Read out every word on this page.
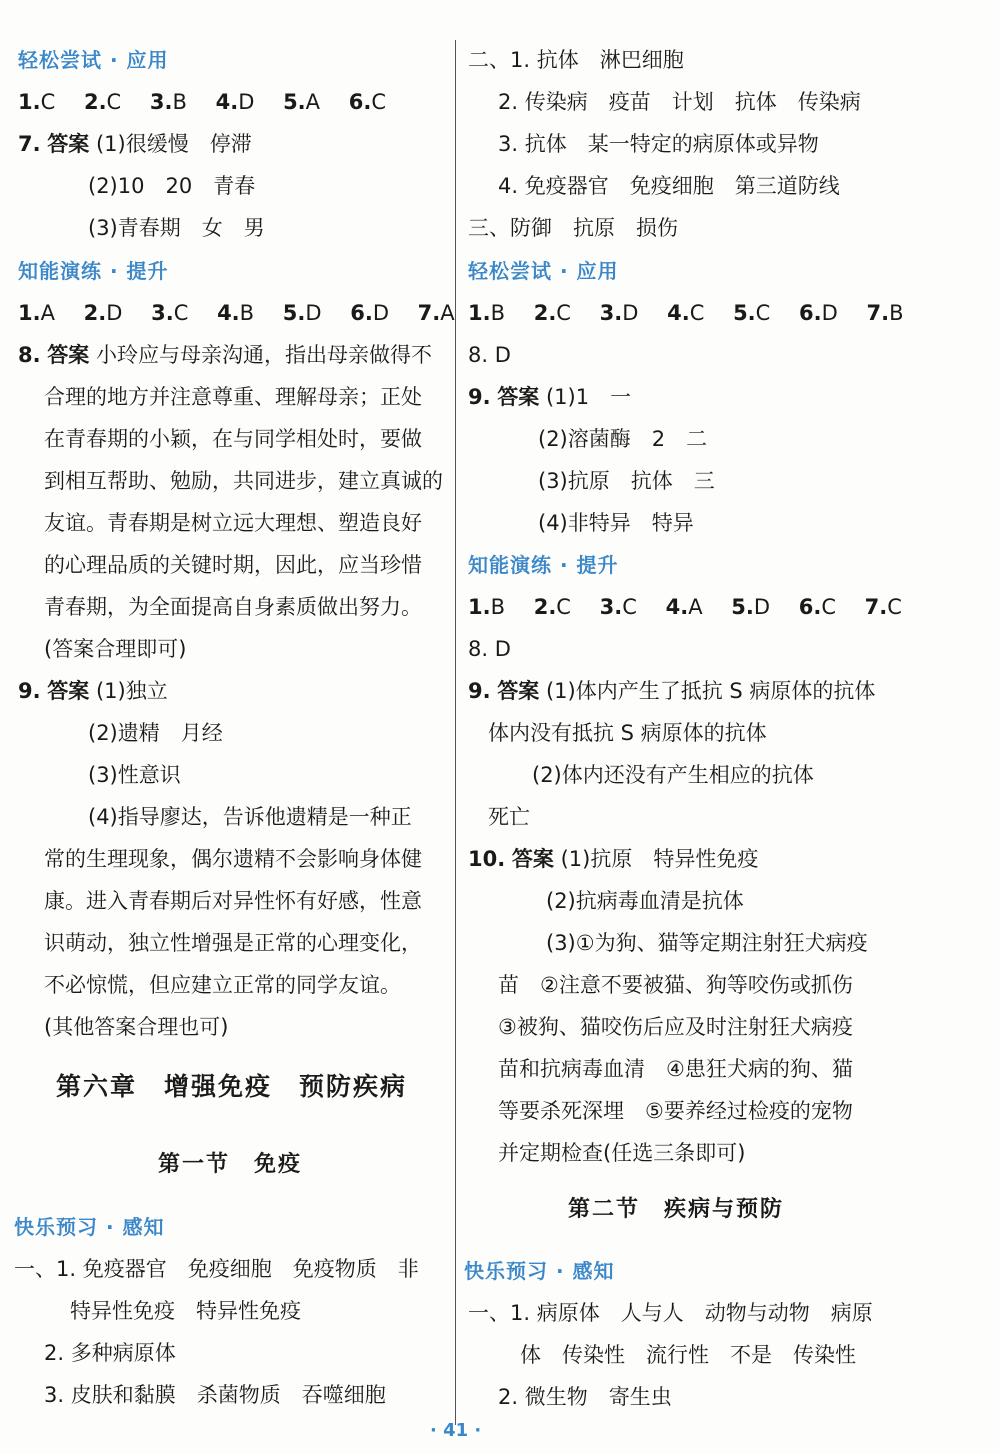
轻松尝试 · 应用
1.C 2.C 3.B 4.D 5.A 6.C
7. 答案 (1)很缓慢　停滞
(2)10　20　青春
(3)青春期　女　男
知能演练 · 提升
1.A 2.D 3.C 4.B 5.D 6.D 7.A
8. 答案 小玲应与母亲沟通，指出母亲做得不
合理的地方并注意尊重、理解母亲；正处
在青春期的小颖，在与同学相处时，要做
到相互帮助、勉励，共同进步，建立真诚的
友谊。青春期是树立远大理想、塑造良好
的心理品质的关键时期，因此，应当珍惜
青春期，为全面提高自身素质做出努力。
(答案合理即可)
9. 答案 (1)独立
(2)遗精　月经
(3)性意识
(4)指导廖达，告诉他遗精是一种正
常的生理现象，偶尔遗精不会影响身体健
康。进入青春期后对异性怀有好感，性意
识萌动，独立性增强是正常的心理变化，
不必惊慌，但应建立正常的同学友谊。
(其他答案合理也可)
第六章　增强免疫　预防疾病
第一节　免疫
快乐预习 · 感知
一、1. 免疫器官　免疫细胞　免疫物质　非
特异性免疫　特异性免疫
2. 多种病原体
3. 皮肤和黏膜　杀菌物质　吞噬细胞
二、1. 抗体　淋巴细胞
2. 传染病　疫苗　计划　抗体　传染病
3. 抗体　某一特定的病原体或异物
4. 免疫器官　免疫细胞　第三道防线
三、防御　抗原　损伤
轻松尝试 · 应用
1.B 2.C 3.D 4.C 5.C 6.D 7.B
8. D
9. 答案 (1)1　一
(2)溶菌酶　2　二
(3)抗原　抗体　三
(4)非特异　特异
知能演练 · 提升
1.B 2.C 3.C 4.A 5.D 6.C 7.C
8. D
9. 答案 (1)体内产生了抵抗 S 病原体的抗体
体内没有抵抗 S 病原体的抗体
(2)体内还没有产生相应的抗体
死亡
10. 答案 (1)抗原　特异性免疫
(2)抗病毒血清是抗体
(3)①为狗、猫等定期注射狂犬病疫
苗　②注意不要被猫、狗等咬伤或抓伤
③被狗、猫咬伤后应及时注射狂犬病疫
苗和抗病毒血清　④患狂犬病的狗、猫
等要杀死深埋　⑤要养经过检疫的宠物
并定期检查(任选三条即可)
第二节　疾病与预防
快乐预习 · 感知
一、1. 病原体　人与人　动物与动物　病原
体　传染性　流行性　不是　传染性
2. 微生物　寄生虫
· 41 ·
